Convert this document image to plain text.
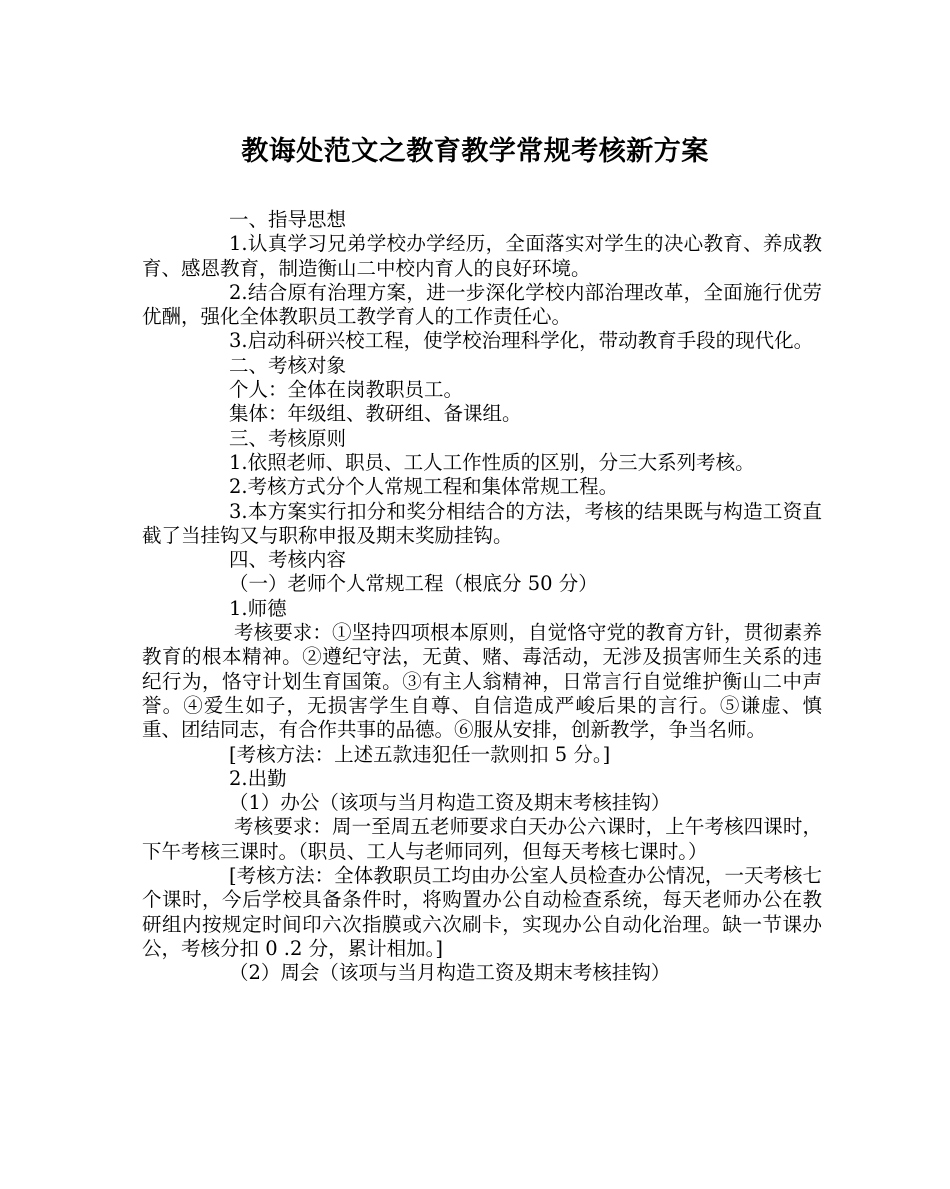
教诲处范文之教育教学常规考核新方案

一、指导思想

1.认真学习兄弟学校办学经历，全面落实对学生的决心教育、养成教育、感恩教育，制造衡山二中校内育人的良好环境。

2.结合原有治理方案，进一步深化学校内部治理改革，全面施行优劳优酬，强化全体教职员工教学育人的工作责任心。

3.启动科研兴校工程，使学校治理科学化，带动教育手段的现代化。

二、考核对象

个人：全体在岗教职员工。

集体：年级组、教研组、备课组。

三、考核原则

1.依照老师、职员、工人工作性质的区别，分三大系列考核。

2.考核方式分个人常规工程和集体常规工程。

3.本方案实行扣分和奖分相结合的方法，考核的结果既与构造工资直截了当挂钩又与职称申报及期末奖励挂钩。

四、考核内容

（一）老师个人常规工程（根底分 50 分）

1.师德

考核要求：①坚持四项根本原则，自觉恪守党的教育方针，贯彻素养教育的根本精神。②遵纪守法，无黄、赌、毒活动，无涉及损害师生关系的违纪行为，恪守计划生育国策。③有主人翁精神，日常言行自觉维护衡山二中声誉。④爱生如子，无损害学生自尊、自信造成严峻后果的言行。⑤谦虚、慎重、团结同志，有合作共事的品德。⑥服从安排，创新教学，争当名师。

[考核方法：上述五款违犯任一款则扣 5 分。]

2.出勤

（1）办公（该项与当月构造工资及期末考核挂钩）

考核要求：周一至周五老师要求白天办公六课时，上午考核四课时，下午考核三课时。（职员、工人与老师同列，但每天考核七课时。）

[考核方法：全体教职员工均由办公室人员检查办公情况，一天考核七个课时，今后学校具备条件时，将购置办公自动检查系统，每天老师办公在教研组内按规定时间印六次指膜或六次刷卡，实现办公自动化治理。缺一节课办公，考核分扣 0 .2 分，累计相加。]

（2）周会（该项与当月构造工资及期末考核挂钩）
